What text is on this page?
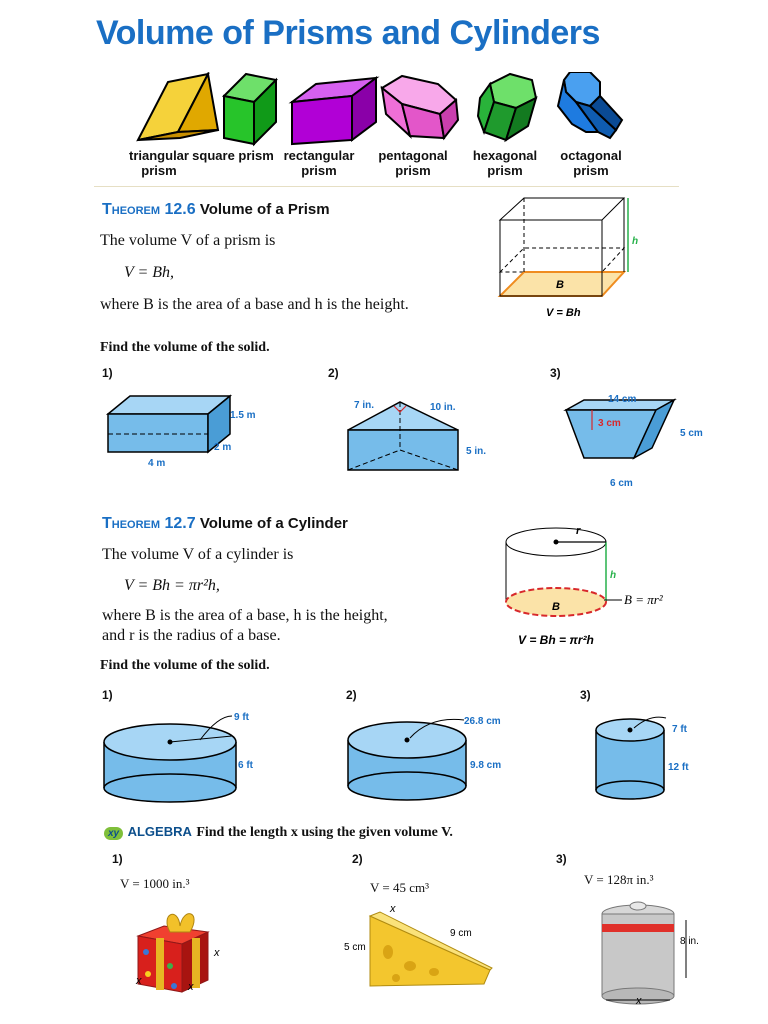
Volume of Prisms and Cylinders
triangular prism
square prism rectangular prism
pentagonal prism
hexagonal prism
octagonal prism
Theorem 12.6 Volume of a Prism
The volume V of a prism is
V = Bh,
where B is the area of a base and h is the height.
h
B
V = Bh
Find the volume of the solid.
1)	2)	3)
1.5 m
2 m
4 m
7 in.	10 in.
5 in.
14 cm
3 cm
5 cm
6 cm
Theorem 12.7 Volume of a Cylinder
The volume V of a cylinder is
V = Bh = πr²h,
where B is the area of a base, h is the height,
and r is the radius of a base.
r
h
B	B = πr²
V = Bh = πr²h
Find the volume of the solid.
1)	2)	3)
9 ft
6 ft
26.8 cm
9.8 cm
7 ft
12 ft
xy ALGEBRA Find the length x using the given volume V.
1)	2)	3)
V = 1000 in.³	V = 45 cm³
V = 128π in.³
x
x	x
x
9 cm
5 cm
8 in.
x
